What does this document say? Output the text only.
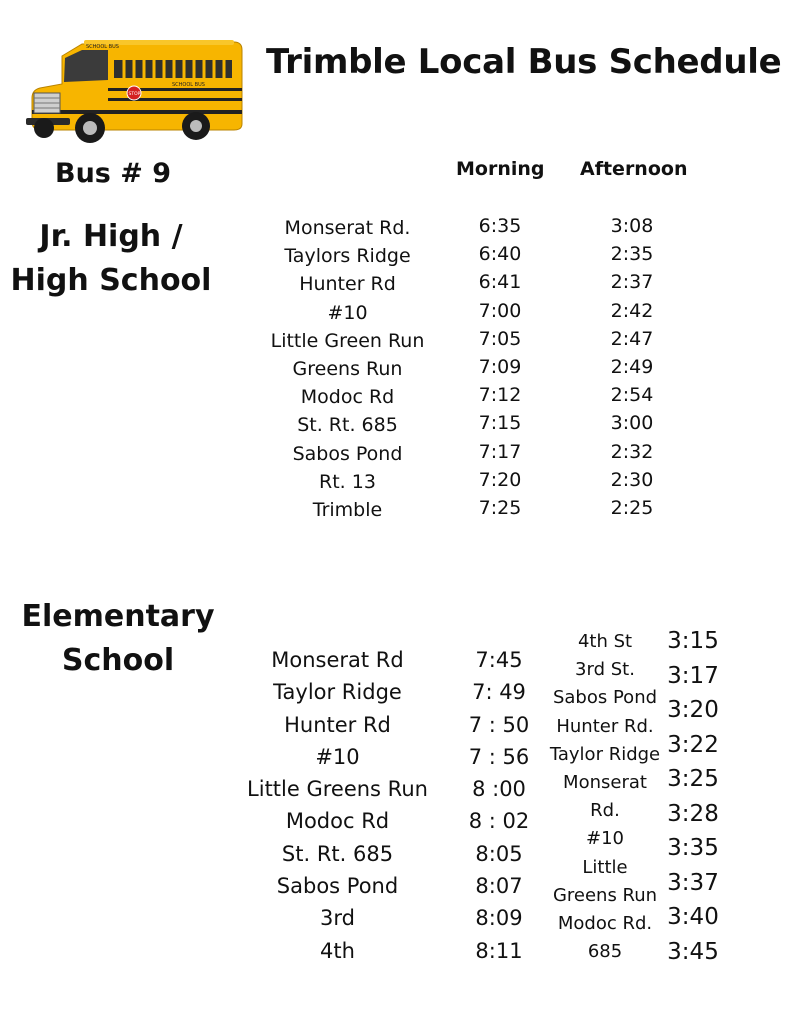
SCHOOL BUS
SCHOOL BUS
STOP
Trimble Local Bus Schedule
Bus # 9	Morning Afternoon
Jr. High /
High School
Monserat Rd.
Taylors Ridge
Hunter Rd
#10
Little Green Run
Greens Run
Modoc Rd
St. Rt. 685
Sabos Pond
Rt. 13
Trimble
6:35
6:40
6:41
7:00
7:05
7:09
7:12
7:15
7:17
7:20
7:25
3:08
2:35
2:37
2:42
2:47
2:49
2:54
3:00
2:32
2:30
2:25
Elementary
School	Monserat Rd
Taylor Ridge
Hunter Rd
#10
Little Greens Run
Modoc Rd
St. Rt. 685
Sabos Pond
3rd
4th
7:45
7: 49
7 : 50
7 : 56
8 :00
8 : 02
8:05
8:07
8:09
8:11
4th St
3rd St.
Sabos Pond
Hunter Rd.
Taylor Ridge
Monserat
Rd.
#10
Little
Greens Run
Modoc Rd.
685
3:15
3:17
3:20
3:22
3:25
3:28
3:35
3:37
3:40
3:45
